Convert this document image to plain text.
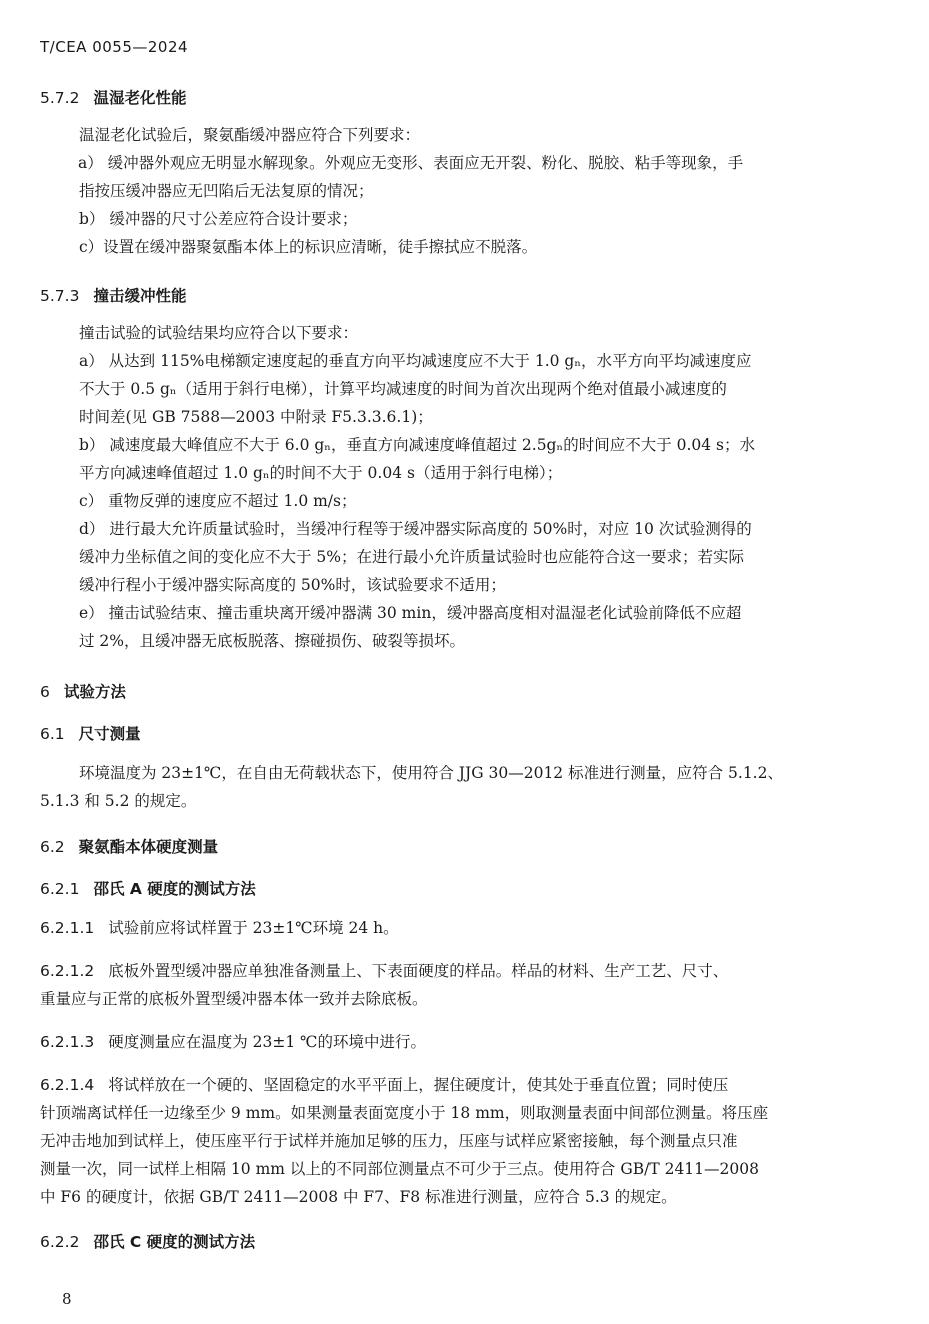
T/CEA 0055—2024
5.7.2 温湿老化性能
温湿老化试验后，聚氨酯缓冲器应符合下列要求：
a） 缓冲器外观应无明显水解现象。外观应无变形、表面应无开裂、粉化、脱胶、粘手等现象，手
指按压缓冲器应无凹陷后无法复原的情况；
b） 缓冲器的尺寸公差应符合设计要求；
c）设置在缓冲器聚氨酯本体上的标识应清晰，徒手擦拭应不脱落。
5.7.3 撞击缓冲性能
撞击试验的试验结果均应符合以下要求：
a） 从达到 115%电梯额定速度起的垂直方向平均减速度应不大于 1.0 gₙ，水平方向平均减速度应
不大于 0.5 gₙ（适用于斜行电梯），计算平均减速度的时间为首次出现两个绝对值最小减速度的
时间差(见 GB 7588—2003 中附录 F5.3.3.6.1)；
b） 减速度最大峰值应不大于 6.0 gₙ，垂直方向减速度峰值超过 2.5gₙ的时间应不大于 0.04 s；水
平方向减速峰值超过 1.0 gₙ的时间不大于 0.04 s（适用于斜行电梯）；
c） 重物反弹的速度应不超过 1.0 m/s；
d） 进行最大允许质量试验时，当缓冲行程等于缓冲器实际高度的 50%时，对应 10 次试验测得的
缓冲力坐标值之间的变化应不大于 5%；在进行最小允许质量试验时也应能符合这一要求；若实际
缓冲行程小于缓冲器实际高度的 50%时，该试验要求不适用；
e） 撞击试验结束、撞击重块离开缓冲器满 30 min，缓冲器高度相对温湿老化试验前降低不应超
过 2%，且缓冲器无底板脱落、擦碰损伤、破裂等损坏。
6 试验方法
6.1 尺寸测量
环境温度为 23±1℃，在自由无荷载状态下，使用符合 JJG 30—2012 标准进行测量，应符合 5.1.2、
5.1.3 和 5.2 的规定。
6.2 聚氨酯本体硬度测量
6.2.1 邵氏 A 硬度的测试方法
6.2.1.1 试验前应将试样置于 23±1℃环境 24 h。
6.2.1.2 底板外置型缓冲器应单独准备测量上、下表面硬度的样品。样品的材料、生产工艺、尺寸、
重量应与正常的底板外置型缓冲器本体一致并去除底板。
6.2.1.3 硬度测量应在温度为 23±1 ℃的环境中进行。
6.2.1.4 将试样放在一个硬的、坚固稳定的水平平面上，握住硬度计，使其处于垂直位置；同时使压
针顶端离试样任一边缘至少 9 mm。如果测量表面宽度小于 18 mm，则取测量表面中间部位测量。将压座
无冲击地加到试样上，使压座平行于试样并施加足够的压力，压座与试样应紧密接触，每个测量点只准
测量一次，同一试样上相隔 10 mm 以上的不同部位测量点不可少于三点。使用符合 GB/T 2411—2008
中 F6 的硬度计，依据 GB/T 2411—2008 中 F7、F8 标准进行测量，应符合 5.3 的规定。
6.2.2 邵氏 C 硬度的测试方法
8
